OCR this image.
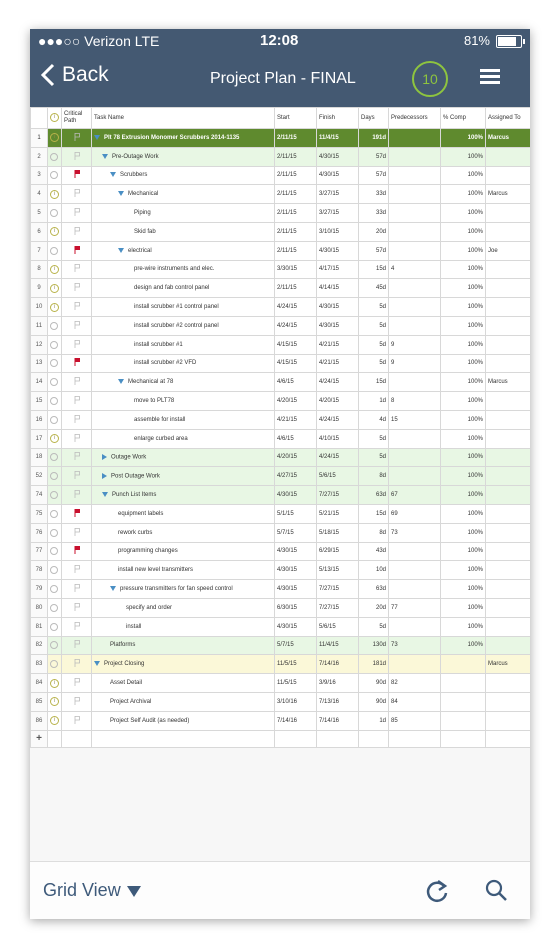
●●●○○ Verizon LTE	12:08	81%
Back	Project Plan - FINAL	10
	i	Critical Path	Task Name	Start	Finish	Days	Predecessors	% Comp	Assigned To
1	i		Plt 78 Extrusion Monomer Scrubbers 2014-1135	2/11/15	11/4/15	191d		100%	Marcus
2			Pre-Outage Work	2/11/15	4/30/15	57d		100%	
3			Scrubbers	2/11/15	4/30/15	57d		100%	
4	i		Mechanical	2/11/15	3/27/15	33d		100%	Marcus
5			Piping	2/11/15	3/27/15	33d		100%	
6	i		Skid fab	2/11/15	3/10/15	20d		100%	
7			electrical	2/11/15	4/30/15	57d		100%	Joe
8	i		pre-wire instruments and elec.	3/30/15	4/17/15	15d	4	100%	
9	i		design and fab control panel	2/11/15	4/14/15	45d		100%	
10	i		install scrubber #1 control panel	4/24/15	4/30/15	5d		100%	
11			install scrubber #2 control panel	4/24/15	4/30/15	5d		100%	
12			install scrubber #1	4/15/15	4/21/15	5d	9	100%	
13			install scrubber #2 VFD	4/15/15	4/21/15	5d	9	100%	
14			Mechanical at 78	4/6/15	4/24/15	15d		100%	Marcus
15			move to PLT78	4/20/15	4/20/15	1d	8	100%	
16			assemble for install	4/21/15	4/24/15	4d	15	100%	
17	i		enlarge curbed area	4/6/15	4/10/15	5d		100%	
18			Outage Work	4/20/15	4/24/15	5d		100%	
52			Post Outage Work	4/27/15	5/6/15	8d		100%	
74			Punch List Items	4/30/15	7/27/15	63d	67	100%	
75			equipment labels	5/1/15	5/21/15	15d	69	100%	
76			rework curbs	5/7/15	5/18/15	8d	73	100%	
77			programming changes	4/30/15	6/29/15	43d		100%	
78			install new level transmitters	4/30/15	5/13/15	10d		100%	
79			pressure transmitters for fan speed control	4/30/15	7/27/15	63d		100%	
80			specify and order	6/30/15	7/27/15	20d	77	100%	
81			install	4/30/15	5/6/15	5d		100%	
82			Platforms	5/7/15	11/4/15	130d	73	100%	
83			Project Closing	11/5/15	7/14/16	181d			Marcus
84	i		Asset Detail	11/5/15	3/9/16	90d	82		
85	i		Project Archival	3/10/16	7/13/16	90d	84		
86	i		Project Self Audit (as needed)	7/14/16	7/14/16	1d	85		
+									
Grid View
